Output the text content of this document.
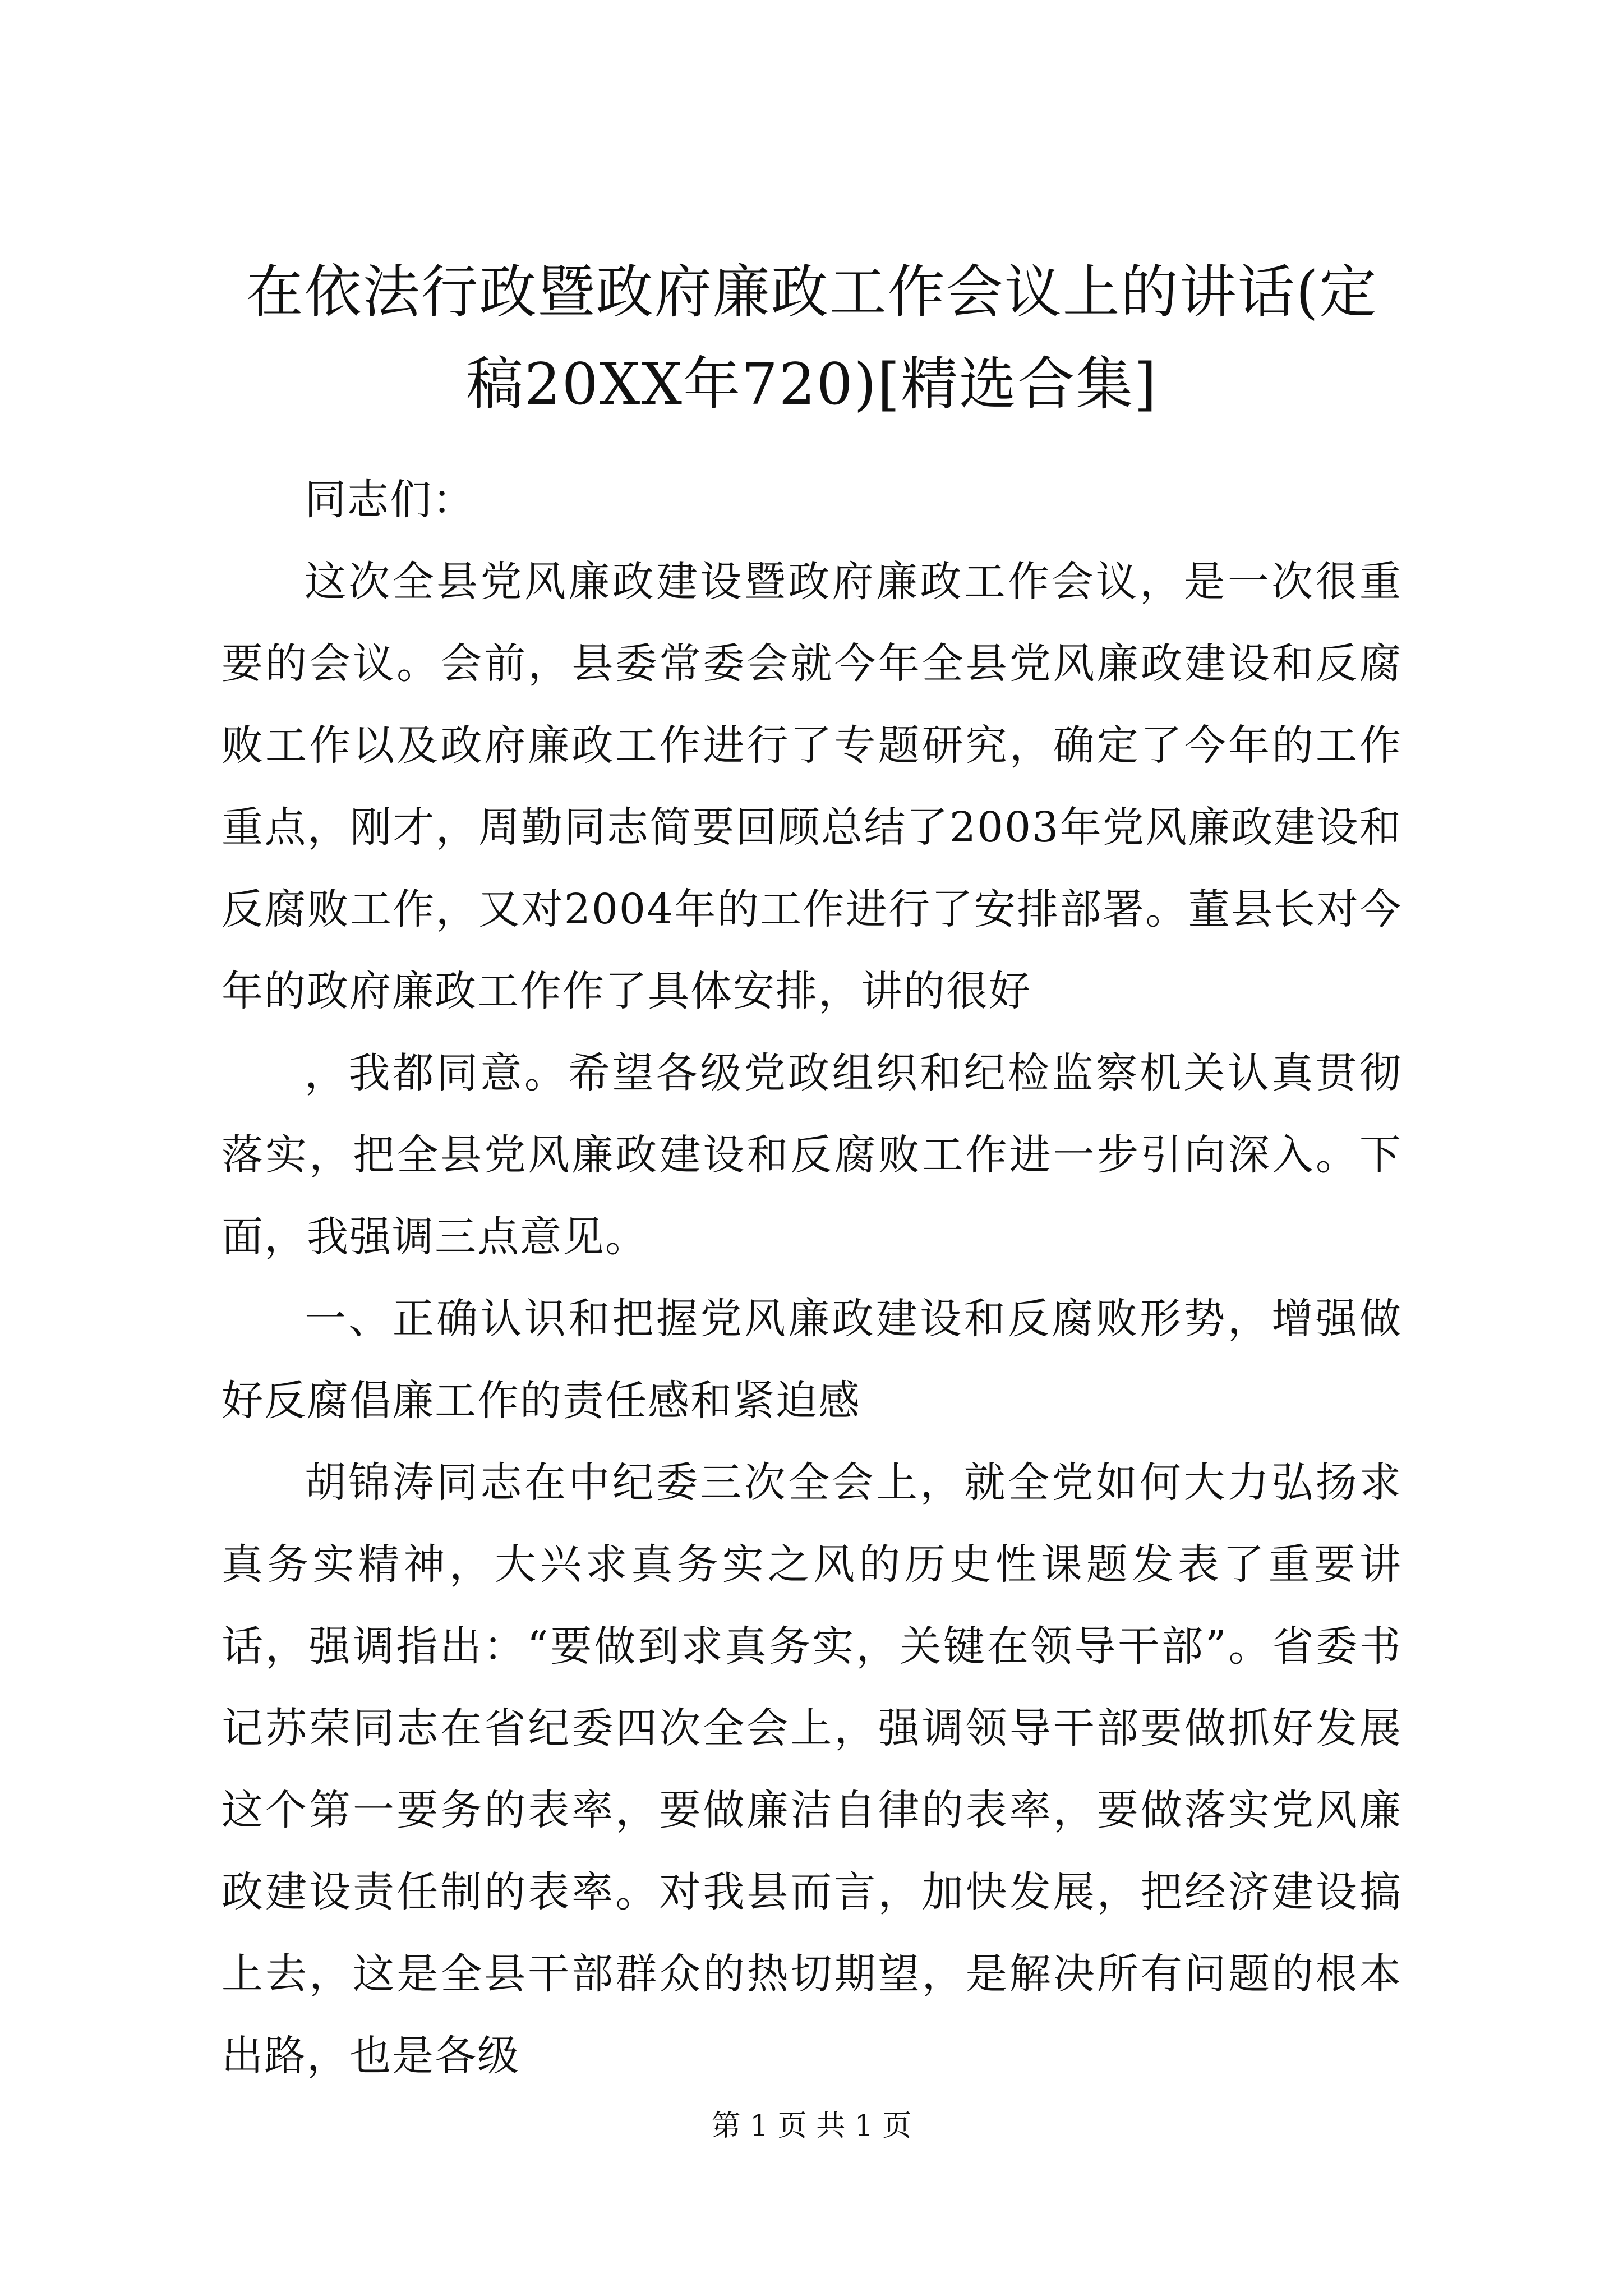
在依法行政暨政府廉政工作会议上的讲话(定稿20XX年720)[精选合集]

同志们：

这次全县党风廉政建设暨政府廉政工作会议，是一次很重要的会议。会前，县委常委会就今年全县党风廉政建设和反腐败工作以及政府廉政工作进行了专题研究，确定了今年的工作重点，刚才，周勤同志简要回顾总结了2003年党风廉政建设和反腐败工作，又对2004年的工作进行了安排部署。董县长对今年的政府廉政工作作了具体安排，讲的很好

，我都同意。希望各级党政组织和纪检监察机关认真贯彻落实，把全县党风廉政建设和反腐败工作进一步引向深入。下面，我强调三点意见。

一、正确认识和把握党风廉政建设和反腐败形势，增强做好反腐倡廉工作的责任感和紧迫感

胡锦涛同志在中纪委三次全会上，就全党如何大力弘扬求真务实精神，大兴求真务实之风的历史性课题发表了重要讲话，强调指出：“要做到求真务实，关键在领导干部”。省委书记苏荣同志在省纪委四次全会上，强调领导干部要做抓好发展这个第一要务的表率，要做廉洁自律的表率，要做落实党风廉政建设责任制的表率。对我县而言，加快发展，把经济建设搞上去，这是全县干部群众的热切期望，是解决所有问题的根本出路，也是各级

第 1 页 共 1 页
